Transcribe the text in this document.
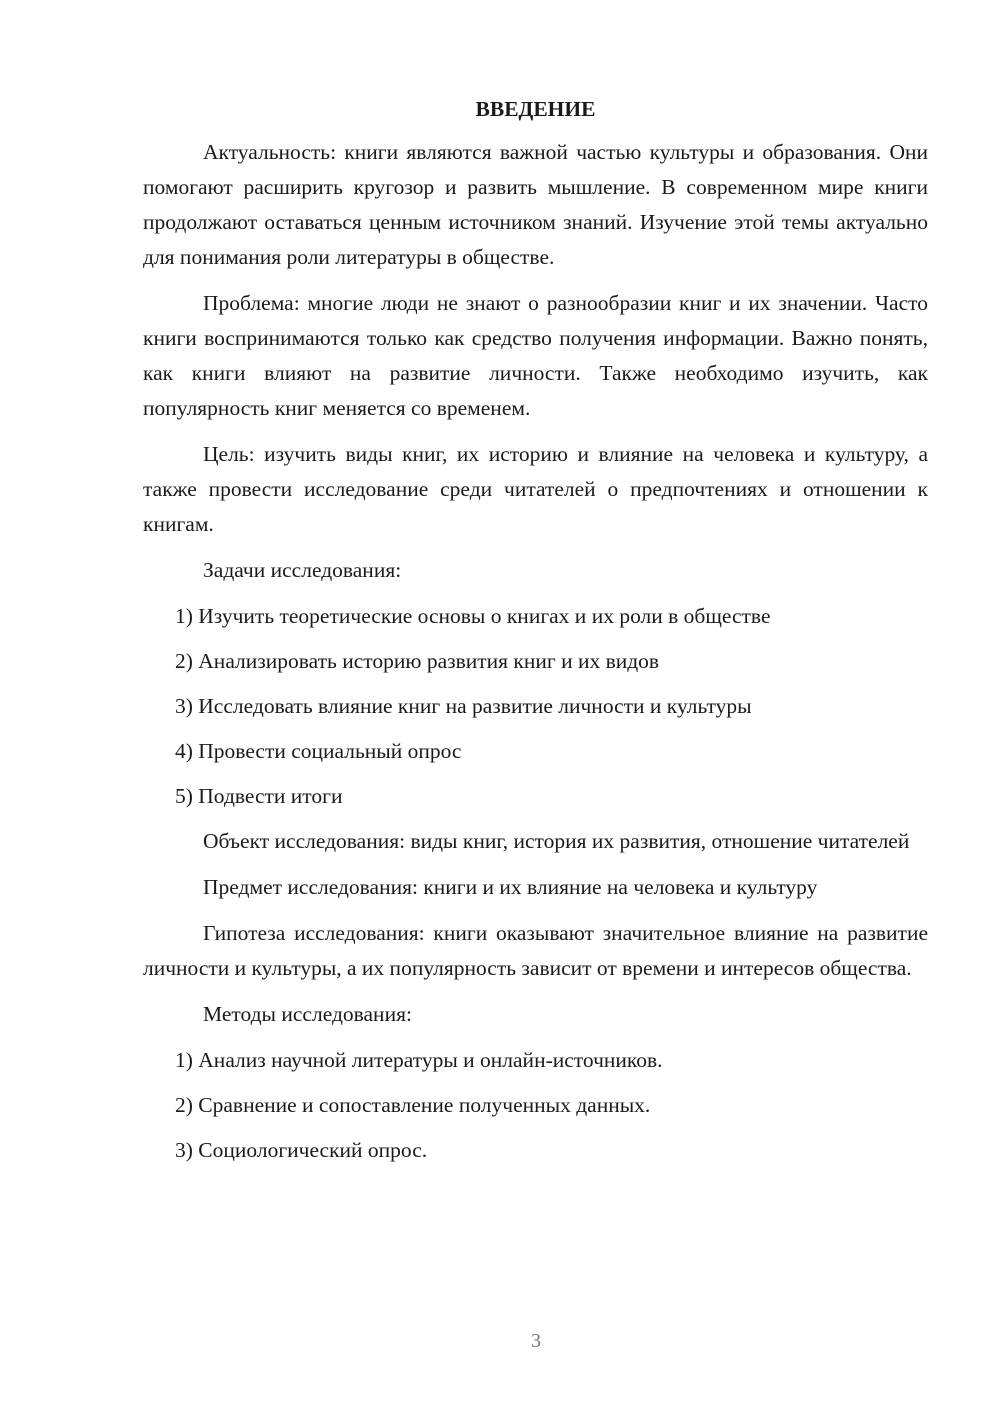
ВВЕДЕНИЕ

Актуальность: книги являются важной частью культуры и образования. Они помогают расширить кругозор и развить мышление. В современном мире книги продолжают оставаться ценным источником знаний. Изучение этой темы актуально для понимания роли литературы в обществе.

Проблема: многие люди не знают о разнообразии книг и их значении. Часто книги воспринимаются только как средство получения информации. Важно понять, как книги влияют на развитие личности. Также необходимо изучить, как популярность книг меняется со временем.

Цель: изучить виды книг, их историю и влияние на человека и культуру, а также провести исследование среди читателей о предпочтениях и отношении к книгам.

Задачи исследования:

1) Изучить теоретические основы о книгах и их роли в обществе

2) Анализировать историю развития книг и их видов

3) Исследовать влияние книг на развитие личности и культуры

4) Провести социальный опрос

5) Подвести итоги

Объект исследования: виды книг, история их развития, отношение читателей

Предмет исследования: книги и их влияние на человека и культуру

Гипотеза исследования: книги оказывают значительное влияние на развитие личности и культуры, а их популярность зависит от времени и интересов общества.

Методы исследования:

1) Анализ научной литературы и онлайн-источников.

2) Сравнение и сопоставление полученных данных.

3) Социологический опрос.

3
